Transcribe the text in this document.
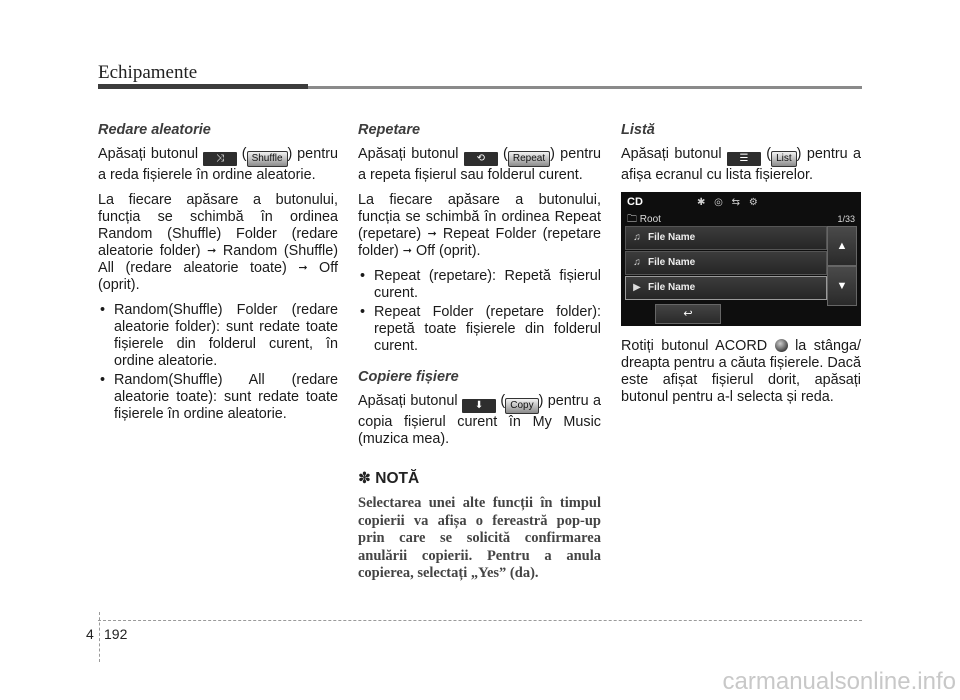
Echipamente
Redare aleatorie

Apăsați butonul ⤨ ( Shuffle ) pentru a reda fișierele în ordine aleatorie.

La fiecare apăsare a butonului, funcția se schimbă în ordinea Random (Shuffle) Folder (redare aleatorie folder) ➞ Random (Shuffle) All (redare aleatorie toate) ➞ Off (oprit).

• Random(Shuffle) Folder (redare aleatorie folder): sunt redate toate fișierele din folderul curent, în ordine aleatorie.
• Random(Shuffle) All (redare aleatorie toate): sunt redate toate fișierele în ordine aleatorie.
Repetare

Apăsați butonul ⟲ ( Repeat ) pentru a repeta fișierul sau folderul curent.

La fiecare apăsare a butonului, funcția se schimbă în ordinea Repeat (repetare) ➞ Repeat Folder (repetare folder) ➞ Off (oprit).

• Repeat (repetare): Repetă fișierul curent.
• Repeat Folder (repetare folder): repetă toate fișierele din folderul curent.
Copiere fișiere

Apăsați butonul ⬇ ( Copy ) pentru a copia fișierul curent în My Music (muzica mea).

✽ NOTĂ
Selectarea unei alte funcții în timpul copierii va afișa o fereastră pop-up prin care se solicită confirmarea anulării copierii. Pentru a anula copierea, selectați „Yes” (da).
Listă

Apăsați butonul ☰ ( List ) pentru a afișa ecranul cu lista fișierelor.

CD	✱ ◎ ⇆ ⚙
🗀 Root	1/33
♫ File Name
♫ File Name
▶ File Name
▲
▼
↩

Rotiți butonul ACORD  la stânga/ dreapta pentru a căuta fișierele. Dacă este afișat fișierul dorit, apăsați butonul pentru a-l selecta și reda.

4 192
carmanualsonline.info
